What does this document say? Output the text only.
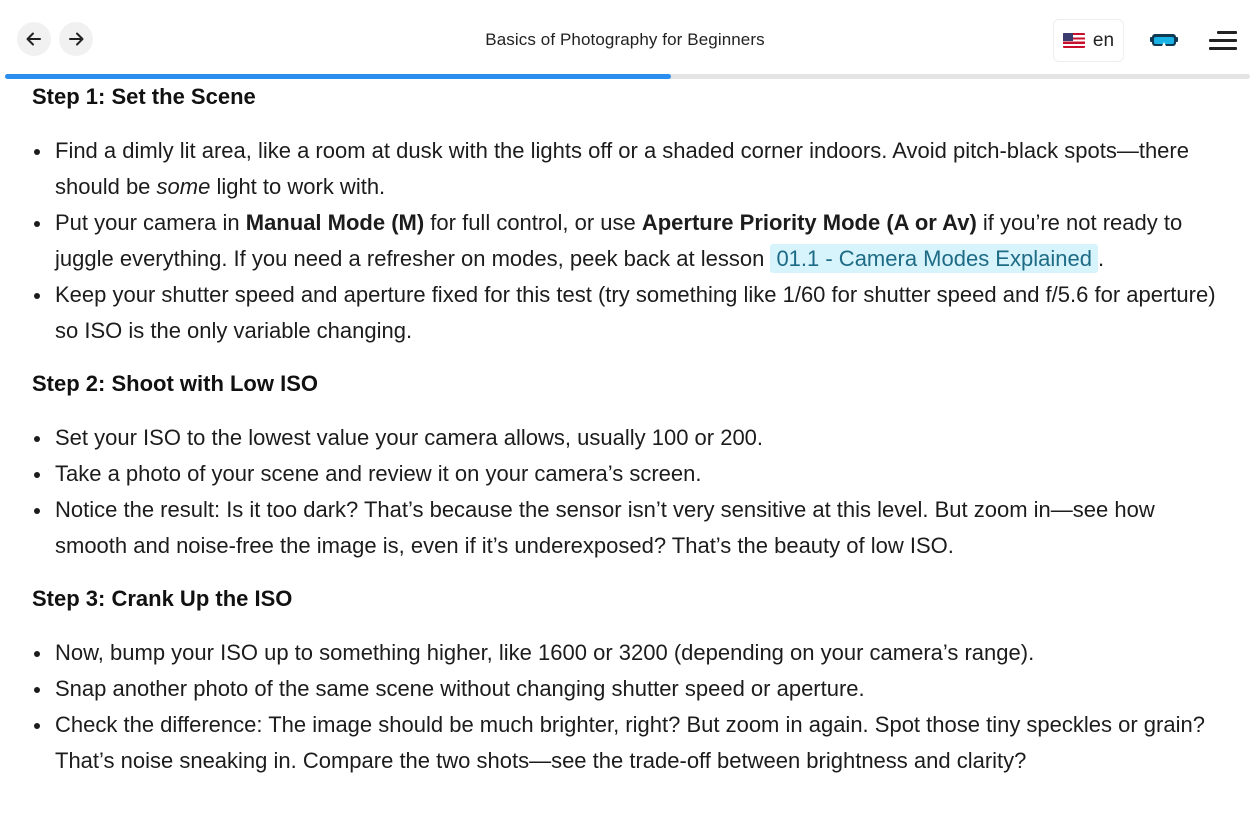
Basics of Photography for Beginners	en
Step 1: Set the Scene
Find a dimly lit area, like a room at dusk with the lights off or a shaded corner indoors. Avoid pitch-black spots—there should be some light to work with.
Put your camera in Manual Mode (M) for full control, or use Aperture Priority Mode (A or Av) if you’re not ready to juggle everything. If you need a refresher on modes, peek back at lesson 01.1 - Camera Modes Explained .
Keep your shutter speed and aperture fixed for this test (try something like 1/60 for shutter speed and f/5.6 for aperture) so ISO is the only variable changing.
Step 2: Shoot with Low ISO
Set your ISO to the lowest value your camera allows, usually 100 or 200.
Take a photo of your scene and review it on your camera’s screen.
Notice the result: Is it too dark? That’s because the sensor isn’t very sensitive at this level. But zoom in—see how smooth and noise-free the image is, even if it’s underexposed? That’s the beauty of low ISO.
Step 3: Crank Up the ISO
Now, bump your ISO up to something higher, like 1600 or 3200 (depending on your camera’s range).
Snap another photo of the same scene without changing shutter speed or aperture.
Check the difference: The image should be much brighter, right? But zoom in again. Spot those tiny speckles or grain? That’s noise sneaking in. Compare the two shots—see the trade-off between brightness and clarity?
